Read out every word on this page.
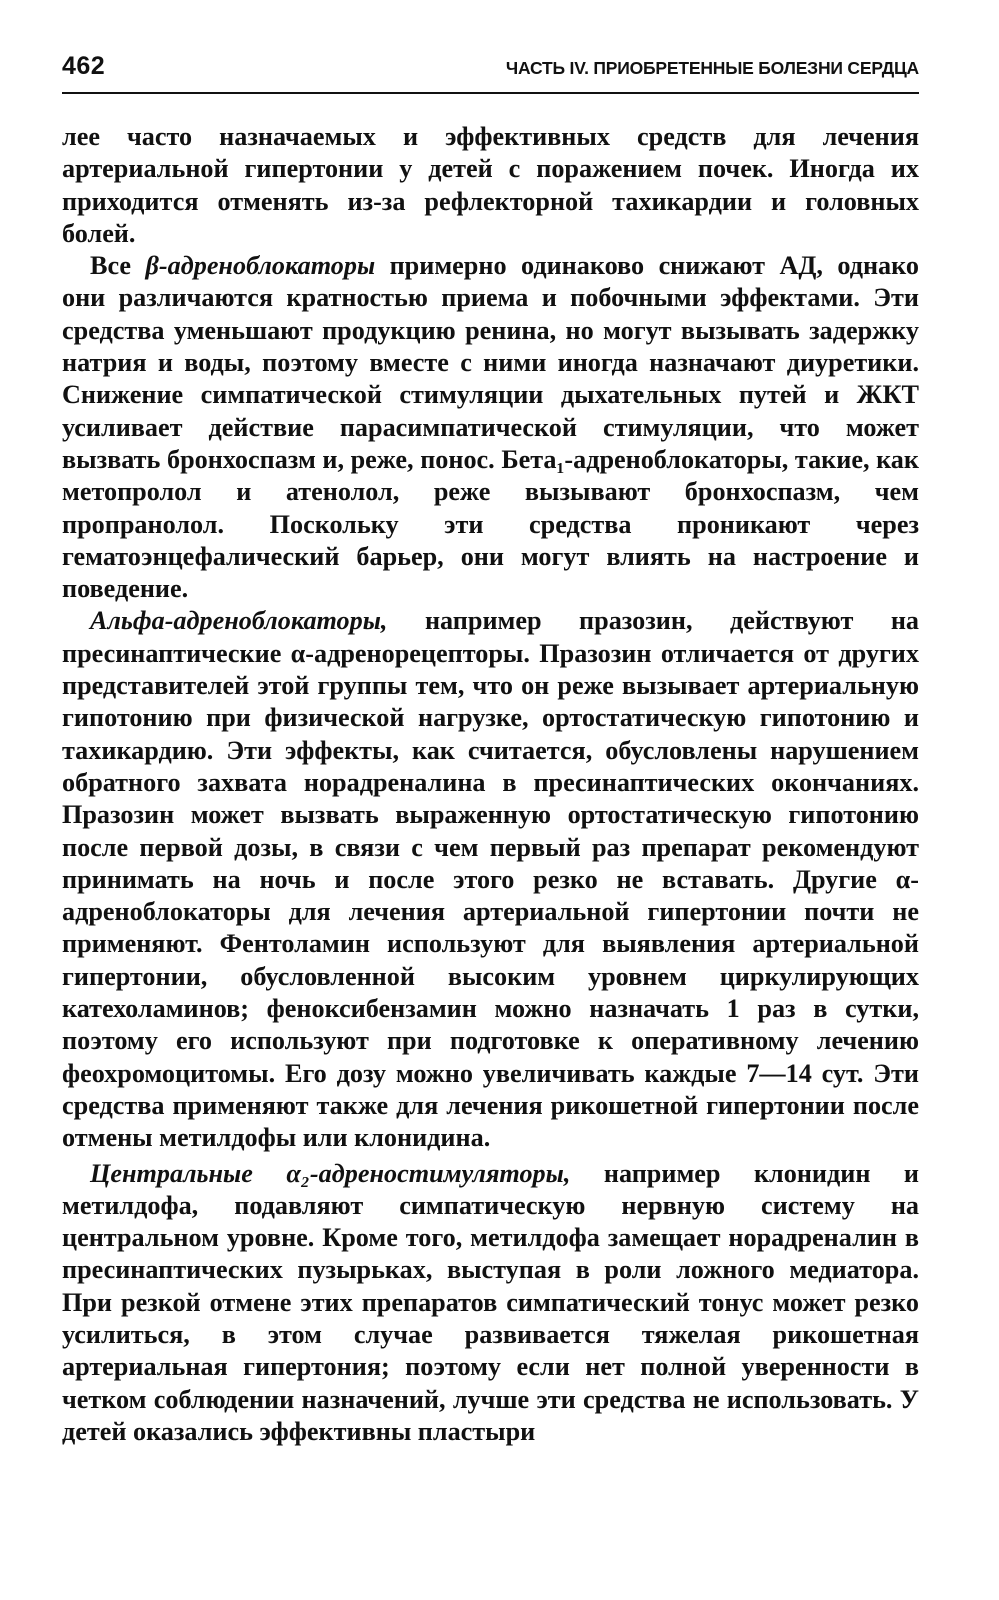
462	ЧАСТЬ IV. ПРИОБРЕТЕННЫЕ БОЛЕЗНИ СЕРДЦА

лее часто назначаемых и эффективных средств для лечения артериальной гипертонии у детей с поражением почек. Иногда их приходится отменять из-за рефлекторной тахикардии и головных болей.

Все β-адреноблокаторы примерно одинаково снижают АД, однако они различаются кратностью приема и побочными эффектами. Эти средства уменьшают продукцию ренина, но могут вызывать задержку натрия и воды, поэтому вместе с ними иногда назначают диуретики. Снижение симпатической стимуляции дыхательных путей и ЖКТ усиливает действие парасимпатической стимуляции, что может вызвать бронхоспазм и, реже, понос. Бета₁-адреноблокаторы, такие, как метопролол и атенолол, реже вызывают бронхоспазм, чем пропранолол. Поскольку эти средства проникают через гематоэнцефалический барьер, они могут влиять на настроение и поведение.

Альфа-адреноблокаторы, например празозин, действуют на пресинаптические α-адренорецепторы. Празозин отличается от других представителей этой группы тем, что он реже вызывает артериальную гипотонию при физической нагрузке, ортостатическую гипотонию и тахикардию. Эти эффекты, как считается, обусловлены нарушением обратного захвата норадреналина в пресинаптических окончаниях. Празозин может вызвать выраженную ортостатическую гипотонию после первой дозы, в связи с чем первый раз препарат рекомендуют принимать на ночь и после этого резко не вставать. Другие α-адреноблокаторы для лечения артериальной гипертонии почти не применяют. Фентоламин используют для выявления артериальной гипертонии, обусловленной высоким уровнем циркулирующих катехоламинов; феноксибензамин можно назначать 1 раз в сутки, поэтому его используют при подготовке к оперативному лечению феохромоцитомы. Его дозу можно увеличивать каждые 7—14 сут. Эти средства применяют также для лечения рикошетной гипертонии после отмены метилдофы или клонидина.

Центральные α₂-адреностимуляторы, например клонидин и метилдофа, подавляют симпатическую нервную систему на центральном уровне. Кроме того, метилдофа замещает норадреналин в пресинаптических пузырьках, выступая в роли ложного медиатора. При резкой отмене этих препаратов симпатический тонус может резко усилиться, в этом случае развивается тяжелая рикошетная артериальная гипертония; поэтому если нет полной уверенности в четком соблюдении назначений, лучше эти средства не использовать. У детей оказались эффективны пластыри
